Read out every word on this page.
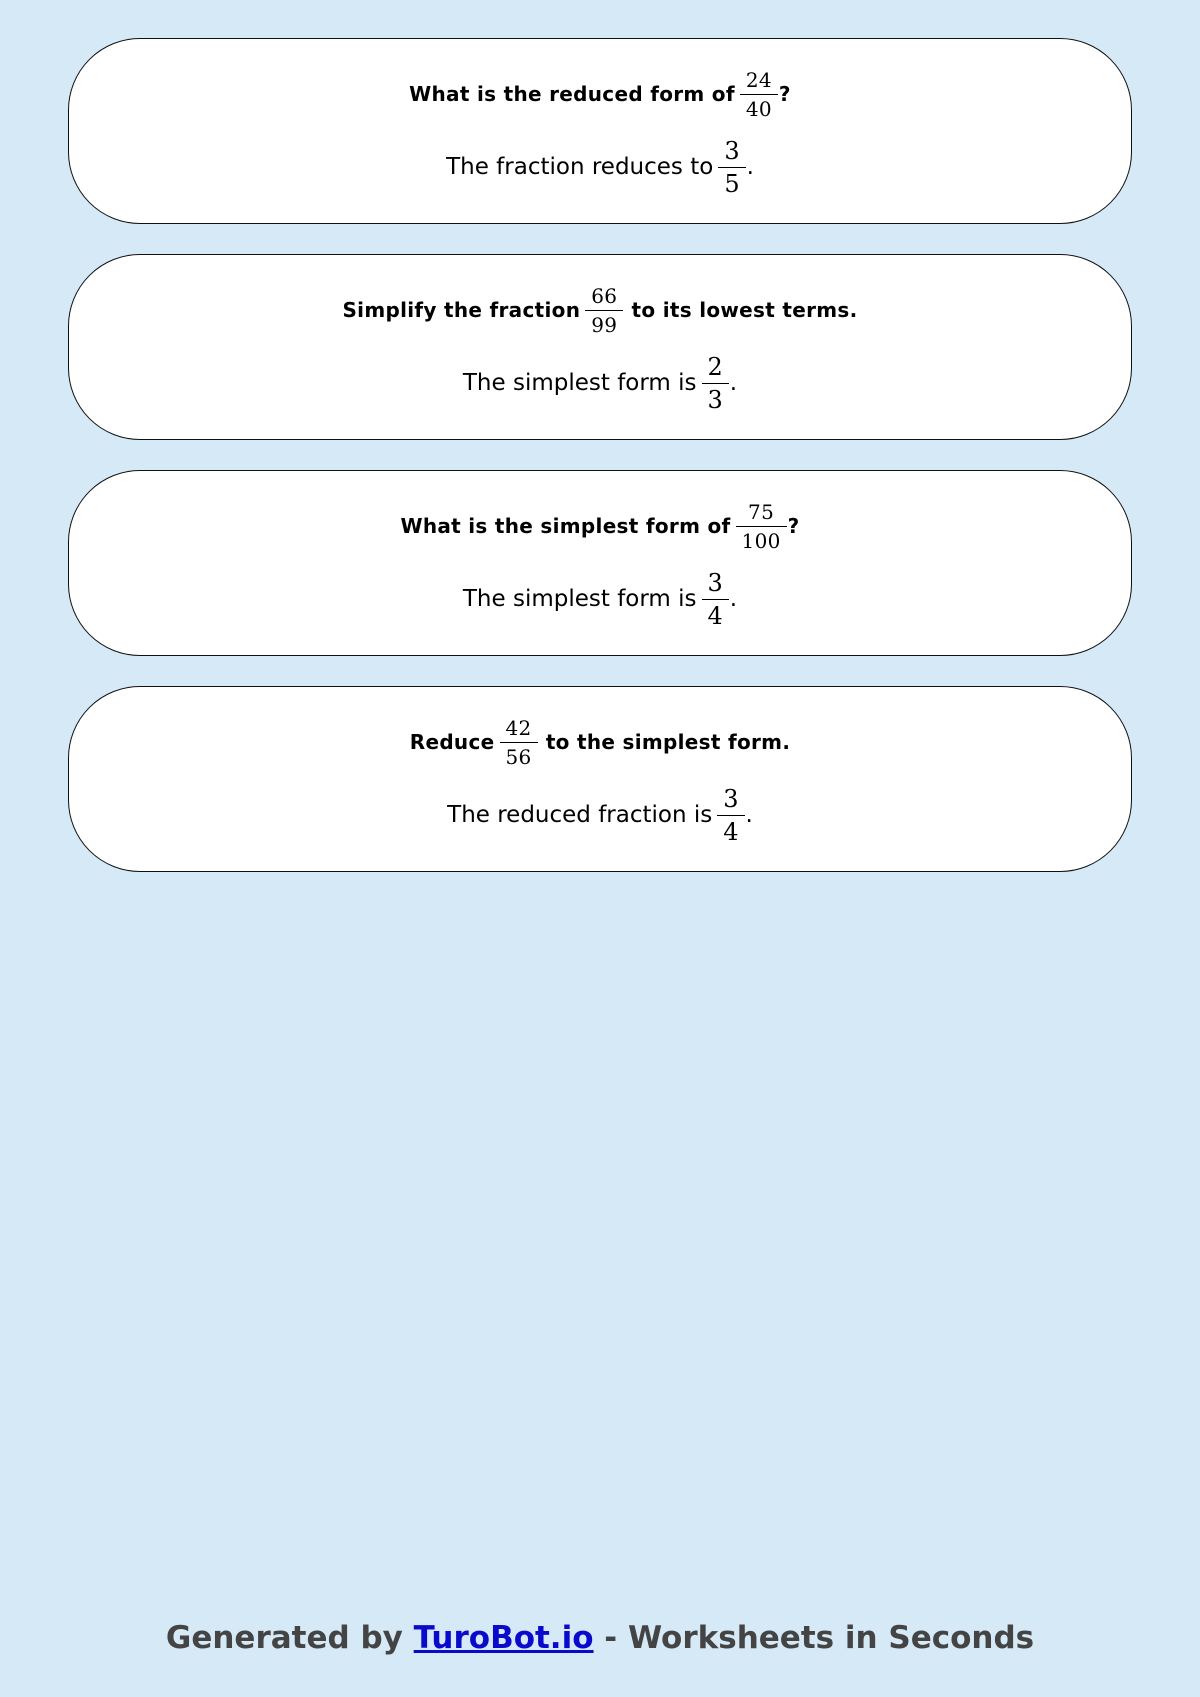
What is the reduced form of $\frac{24}{40}$ ?
The fraction reduces to $\frac{3}{5}$ .
Simplify the fraction $\frac{66}{99}$ to its lowest terms.
The simplest form is $\frac{2}{3}$ .
What is the simplest form of $\frac{75}{100}$ ?
The simplest form is $\frac{3}{4}$ .
Reduce $\frac{42}{56}$ to the simplest form.
The reduced fraction is $\frac{3}{4}$ .
Generated by TuroBot.io - Worksheets in Seconds
